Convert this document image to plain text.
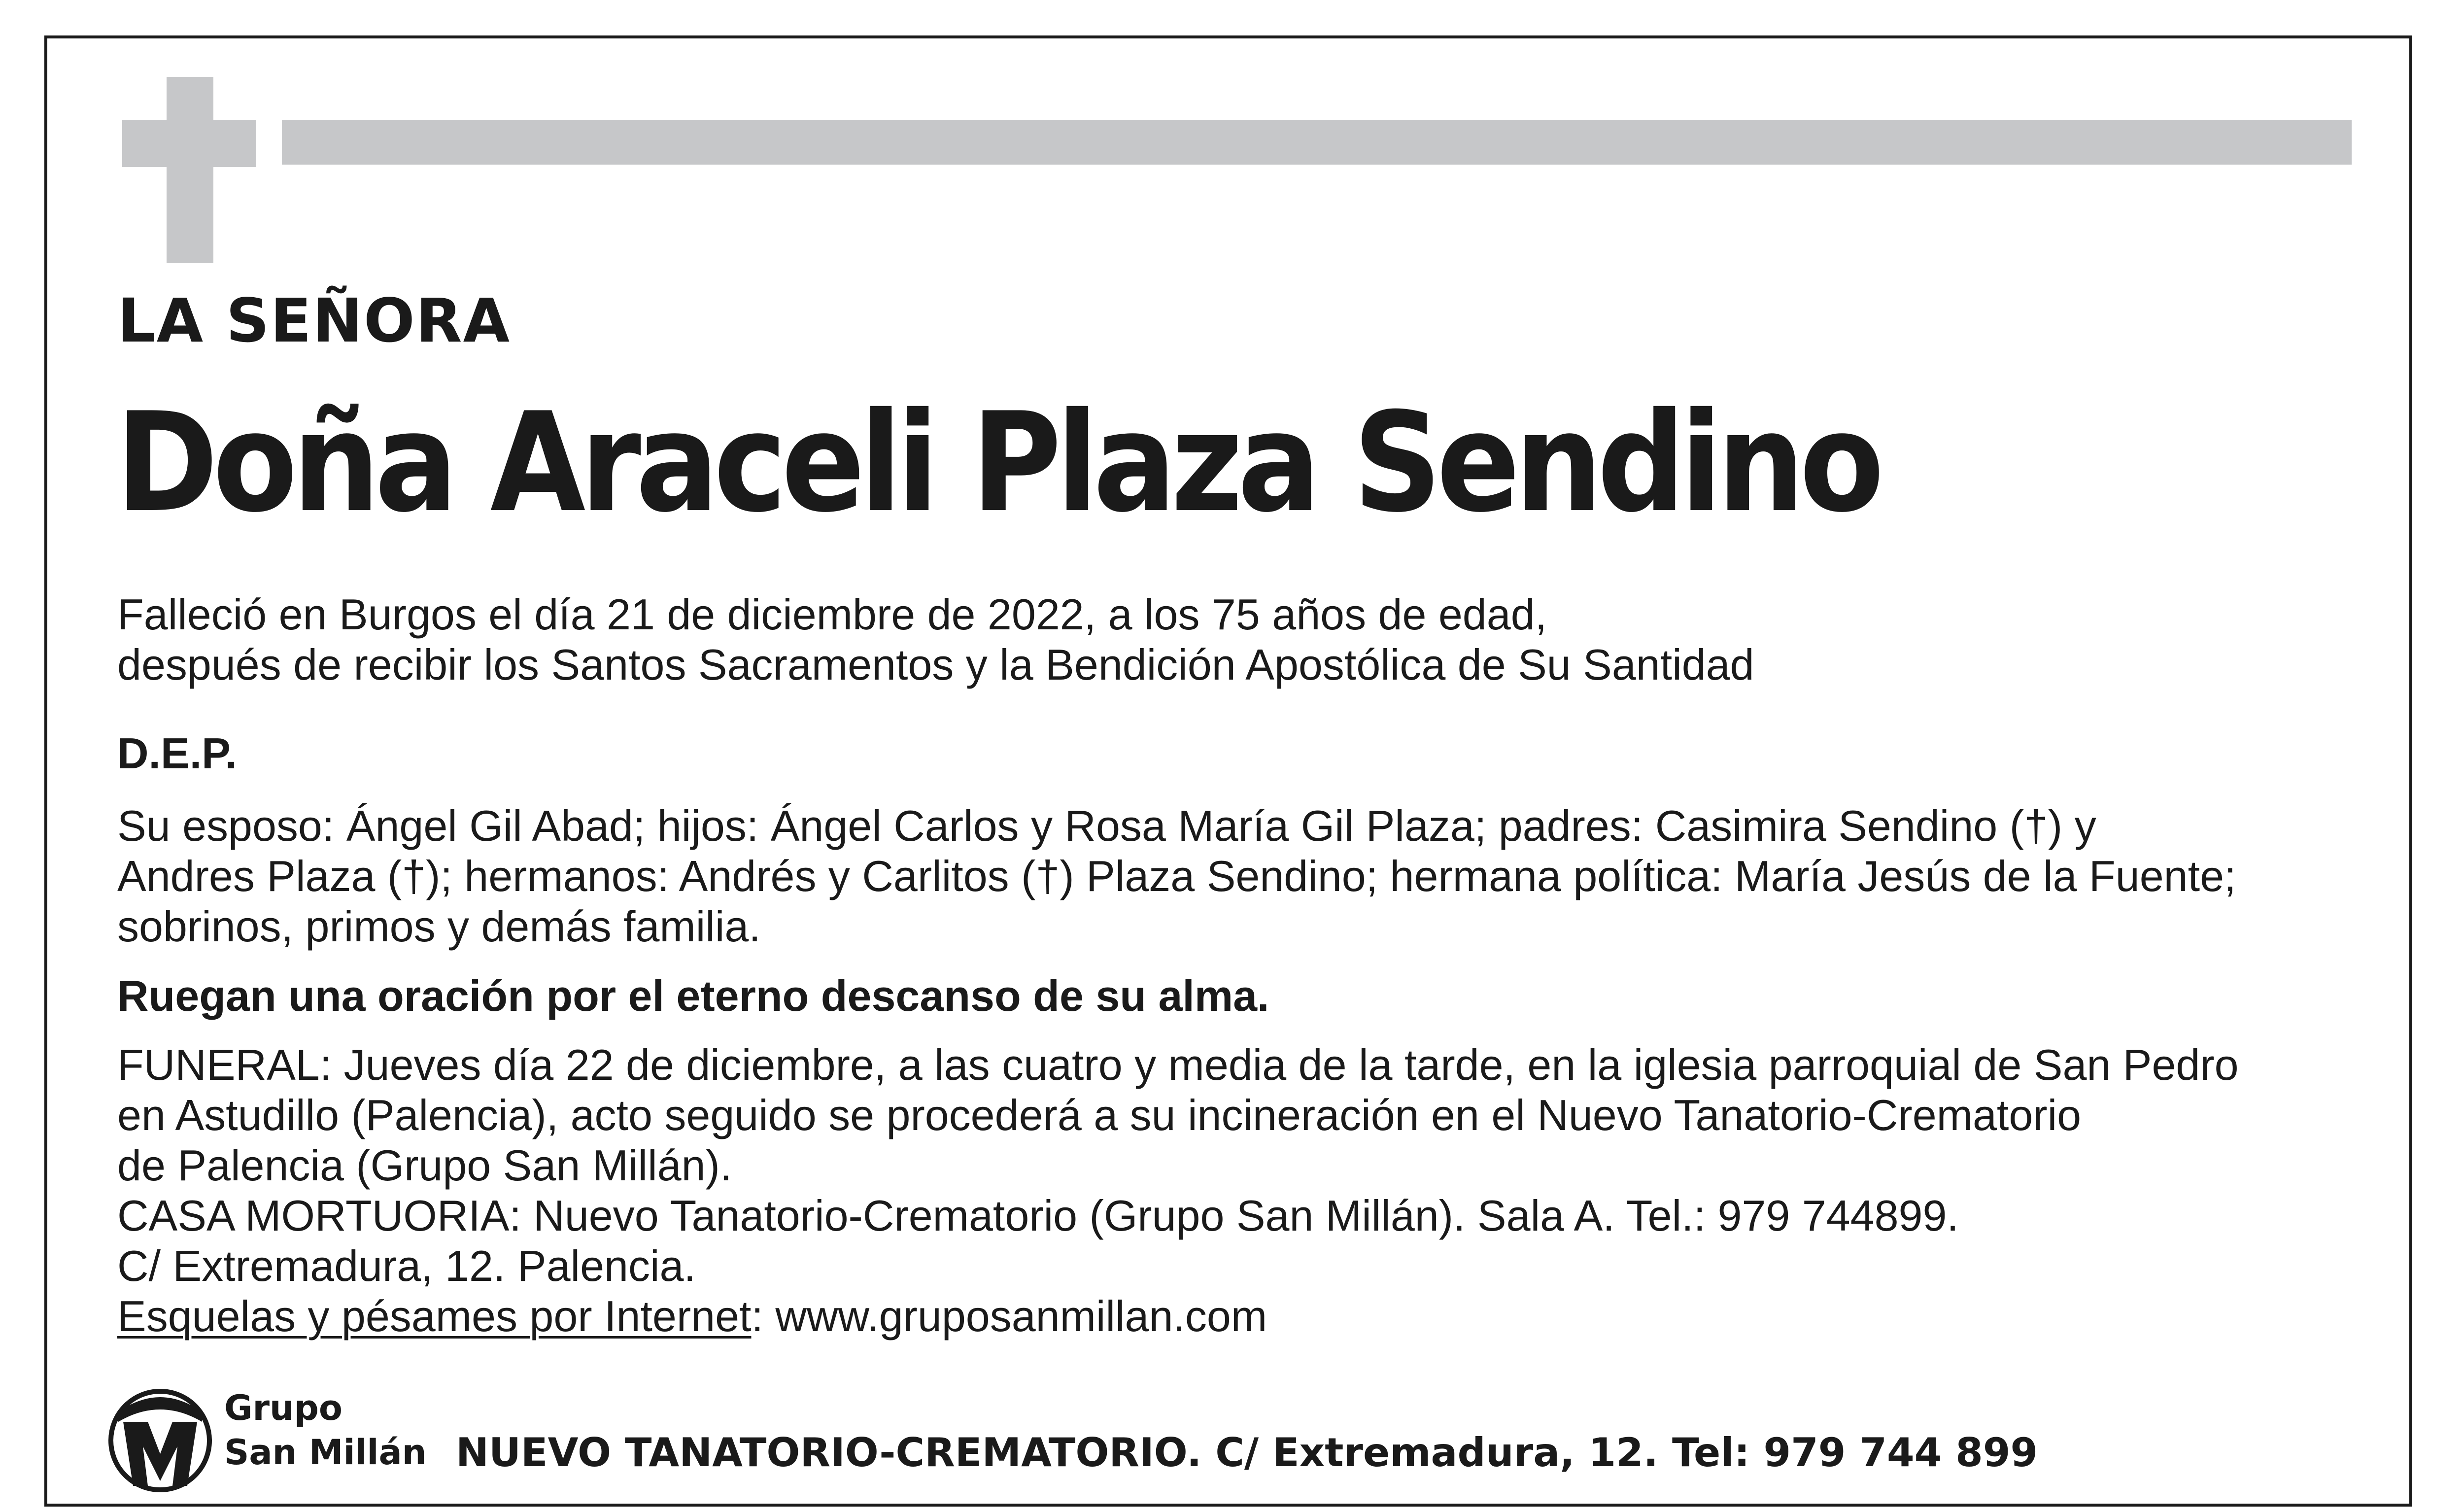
LA SEÑORA
Doña Araceli Plaza Sendino
Falleció en Burgos el día 21 de diciembre de 2022, a los 75 años de edad,
después de recibir los Santos Sacramentos y la Bendición Apostólica de Su Santidad
D.E.P.
Su esposo: Ángel Gil Abad; hijos: Ángel Carlos y Rosa María Gil Plaza; padres: Casimira Sendino (†) y
Andres Plaza (†); hermanos: Andrés y Carlitos (†) Plaza Sendino; hermana política: María Jesús de la Fuente;
sobrinos, primos y demás familia.
Ruegan una oración por el eterno descanso de su alma.
FUNERAL: Jueves día 22 de diciembre, a las cuatro y media de la tarde, en la iglesia parroquial de San Pedro
en Astudillo (Palencia), acto seguido se procederá a su incineración en el Nuevo Tanatorio-Crematorio
de Palencia (Grupo San Millán).
CASA MORTUORIA: Nuevo Tanatorio-Crematorio (Grupo San Millán). Sala A. Tel.: 979 744899.
C/ Extremadura, 12. Palencia.
Esquelas y pésames por Internet: www.gruposanmillan.com
Grupo
San Millán NUEVO TANATORIO-CREMATORIO. C/ Extremadura, 12. Tel: 979 744 899
